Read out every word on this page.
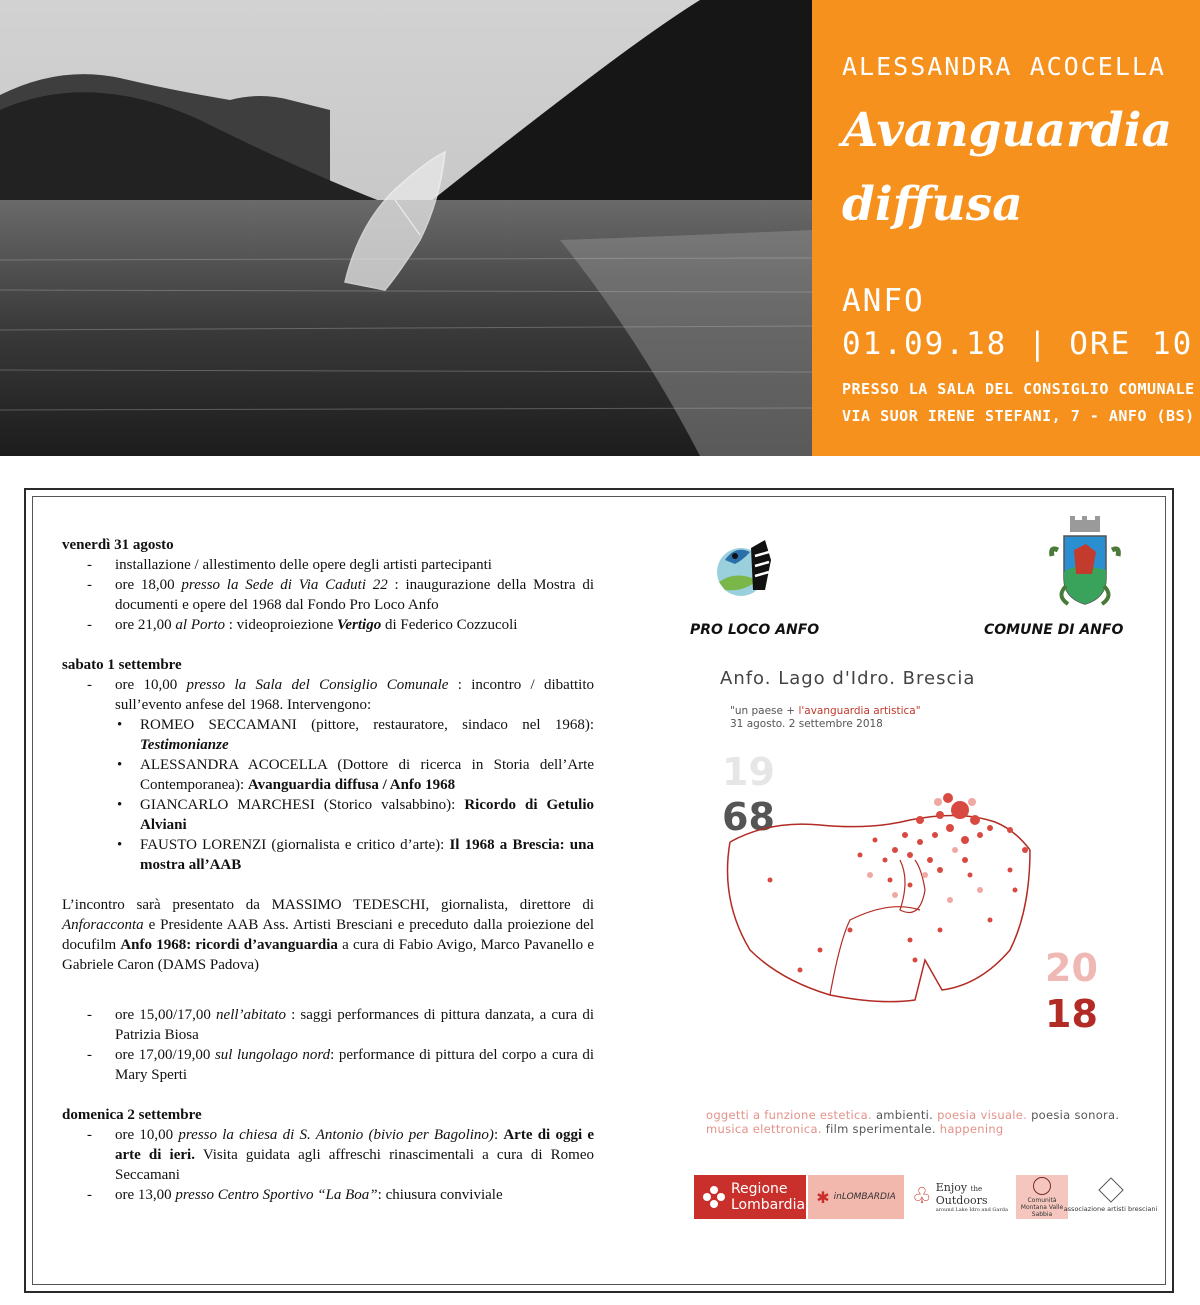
ALESSANDRA ACOCELLA
Avanguardia diffusa
ANFO
01.09.18 | ORE 10
PRESSO LA SALA DEL CONSIGLIO COMUNALE
VIA SUOR IRENE STEFANI, 7 - ANFO (BS)
venerdì 31 agosto
- installazione / allestimento delle opere degli artisti partecipanti
- ore 18,00 presso la Sede di Via Caduti 22 : inaugurazione della Mostra di documenti e opere del 1968 dal Fondo Pro Loco Anfo
- ore 21,00 al Porto : videoproiezione Vertigo di Federico Cozzucoli
sabato 1 settembre
- ore 10,00 presso la Sala del Consiglio Comunale : incontro / dibattito sull’evento anfese del 1968. Intervengono:
• ROMEO SECCAMANI (pittore, restauratore, sindaco nel 1968): Testimonianze
• ALESSANDRA ACOCELLA (Dottore di ricerca in Storia dell’Arte Contemporanea): Avanguardia diffusa / Anfo 1968
• GIANCARLO MARCHESI (Storico valsabbino): Ricordo di Getulio Alviani
• FAUSTO LORENZI (giornalista e critico d’arte): Il 1968 a Brescia: una mostra all’AAB
L’incontro sarà presentato da MASSIMO TEDESCHI, giornalista, direttore di Anforacconta e Presidente AAB Ass. Artisti Bresciani e preceduto dalla proiezione del docufilm Anfo 1968: ricordi d’avanguardia a cura di Fabio Avigo, Marco Pavanello e Gabriele Caron (DAMS Padova)
- ore 15,00/17,00 nell’abitato : saggi performances di pittura danzata, a cura di Patrizia Biosa
- ore 17,00/19,00 sul lungolago nord: performance di pittura del corpo a cura di Mary Sperti
domenica 2 settembre
- ore 10,00 presso la chiesa di S. Antonio (bivio per Bagolino): Arte di oggi e arte di ieri. Visita guidata agli affreschi rinascimentali a cura di Romeo Seccamani
- ore 13,00 presso Centro Sportivo “La Boa”: chiusura conviviale
PRO LOCO ANFO	COMUNE DI ANFO
Anfo. Lago d'Idro. Brescia
"un paese + l'avanguardia artistica"
31 agosto. 2 settembre 2018
19
68
20
18
oggetti a funzione estetica. ambienti. poesia visuale. poesia sonora. musica elettronica. film sperimentale. happening
Regione
Lombardia ✱ inLOMBARDIA ♧ Enjoy the
Outdoors
around Lake Idro and Garda
Comunità Montana Valle Sabbia
associazione artisti bresciani
